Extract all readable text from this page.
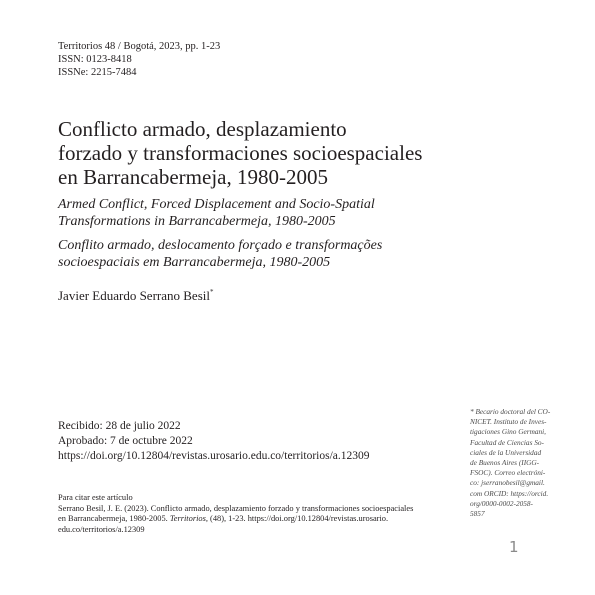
Territorios 48 / Bogotá, 2023, pp. 1-23
ISSN: 0123-8418
ISSNe: 2215-7484
Conflicto armado, desplazamiento
forzado y transformaciones socioespaciales
en Barrancabermeja, 1980-2005
Armed Conflict, Forced Displacement and Socio-Spatial
Transformations in Barrancabermeja, 1980-2005
Conflito armado, deslocamento forçado e transformações
socioespaciais em Barrancabermeja, 1980-2005
Javier Eduardo Serrano Besil*
Recibido: 28 de julio 2022
Aprobado: 7 de octubre 2022
https://doi.org/10.12804/revistas.urosario.edu.co/territorios/a.12309
Para citar este artículo
Serrano Besil, J. E. (2023). Conflicto armado, desplazamiento forzado y transformaciones socioespaciales
en Barrancabermeja, 1980-2005. Territorios, (48), 1-23. https://doi.org/10.12804/revistas.urosario.
edu.co/territorios/a.12309
* Becario doctoral del CO-
NICET. Instituto de Inves-
tigaciones Gino Germani,
Facultad de Ciencias So-
ciales de la Universidad
de Buenos Aires (IIGG-
FSOC). Correo electróni-
co: jserranobesil@gmail.
com ORCID: https://orcid.
org/0000-0002-2058-
5857
1
